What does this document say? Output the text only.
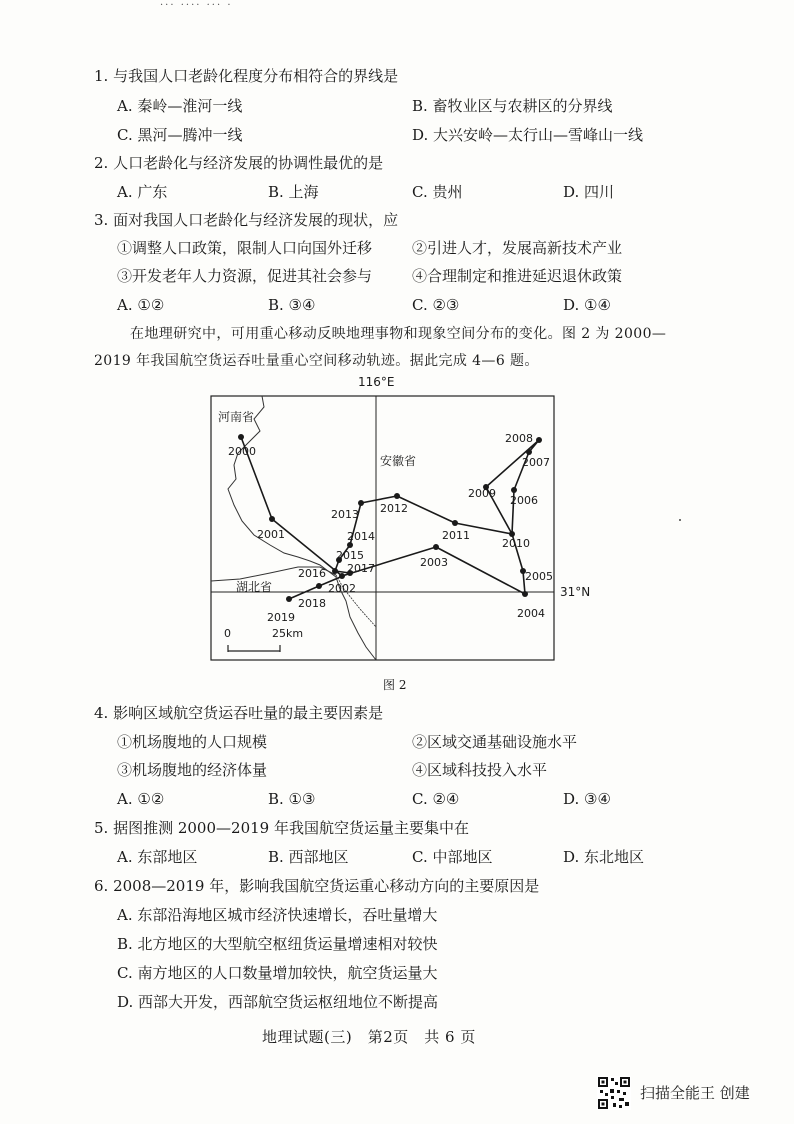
··· ···· ··· ·
1. 与我国人口老龄化程度分布相符合的界线是
A. 秦岭—淮河一线	B. 畜牧业区与农耕区的分界线
C. 黑河—腾冲一线	D. 大兴安岭—太行山—雪峰山一线
2. 人口老龄化与经济发展的协调性最优的是
A. 广东	B. 上海	C. 贵州	D. 四川
3. 面对我国人口老龄化与经济发展的现状，应
①调整人口政策，限制人口向国外迁移	②引进人才，发展高新技术产业
③开发老年人力资源，促进其社会参与	④合理制定和推进延迟退休政策
A. ①②	B. ③④	C. ②③	D. ①④
在地理研究中，可用重心移动反映地理事物和现象空间分布的变化。图 2 为 2000—
2019 年我国航空货运吞吐量重心空间移动轨迹。据此完成 4—6 题。
116°E
31°N
2000
2001
2002
2003
2004
2005
2006
2007
2008
2009
2010
2011
2012
2013
2014
2015
2016 2017
2018
2019
河南省
安徽省
湖北省
0	25km
图 2
4. 影响区域航空货运吞吐量的最主要因素是
①机场腹地的人口规模	②区域交通基础设施水平
③机场腹地的经济体量	④区域科技投入水平
A. ①②	B. ①③	C. ②④	D. ③④
5. 据图推测 2000—2019 年我国航空货运量主要集中在
A. 东部地区	B. 西部地区	C. 中部地区	D. 东北地区
6. 2008—2019 年，影响我国航空货运重心移动方向的主要原因是
A. 东部沿海地区城市经济快速增长，吞吐量增大
B. 北方地区的大型航空枢纽货运量增速相对较快
C. 南方地区的人口数量增加较快，航空货运量大
D. 西部大开发，西部航空货运枢纽地位不断提高
地理试题(三)　第2页　共 6 页
扫描全能王 创建
